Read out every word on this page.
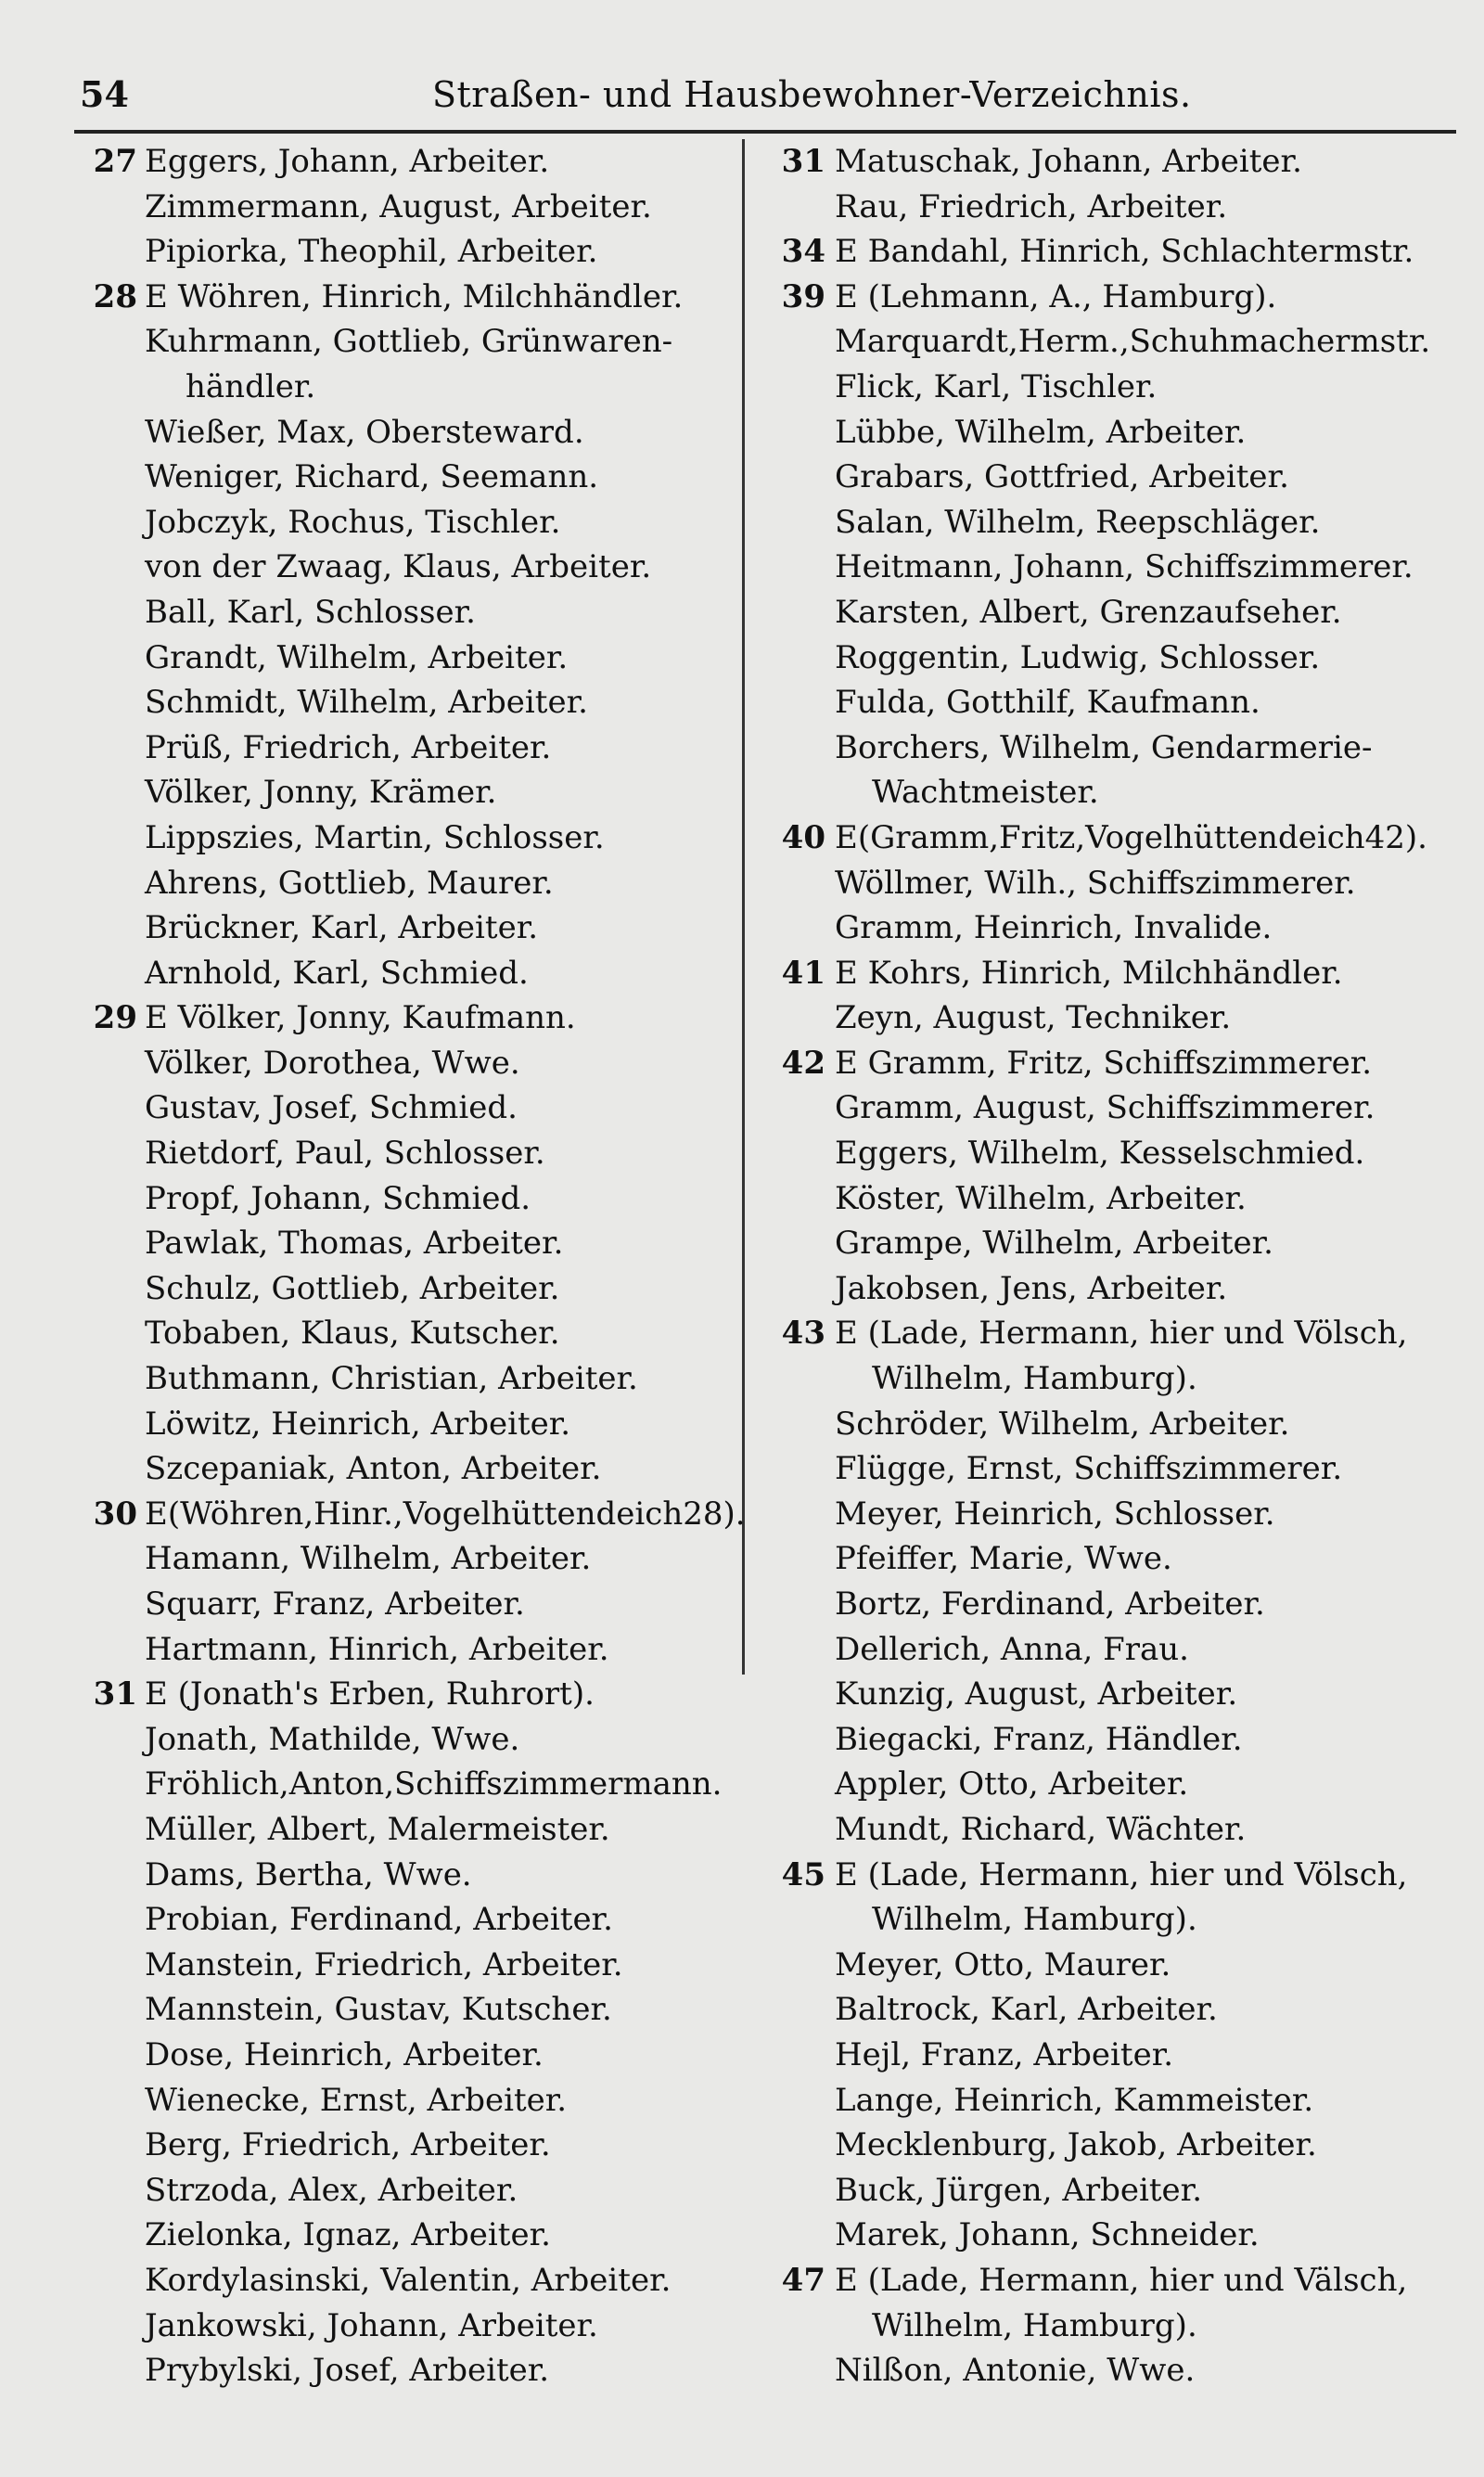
54	Straßen- und Hausbewohner-Verzeichnis.
27 Eggers, Johann, Arbeiter.
Zimmermann, August, Arbeiter.
Pipiorka, Theophil, Arbeiter.
28 E Wöhren, Hinrich, Milchhändler.
Kuhrmann, Gottlieb, Grünwaren-
händler.
Wießer, Max, Obersteward.
Weniger, Richard, Seemann.
Jobczyk, Rochus, Tischler.
von der Zwaag, Klaus, Arbeiter.
Ball, Karl, Schlosser.
Grandt, Wilhelm, Arbeiter.
Schmidt, Wilhelm, Arbeiter.
Prüß, Friedrich, Arbeiter.
Völker, Jonny, Krämer.
Lippszies, Martin, Schlosser.
Ahrens, Gottlieb, Maurer.
Brückner, Karl, Arbeiter.
Arnhold, Karl, Schmied.
29 E Völker, Jonny, Kaufmann.
Völker, Dorothea, Wwe.
Gustav, Josef, Schmied.
Rietdorf, Paul, Schlosser.
Propf, Johann, Schmied.
Pawlak, Thomas, Arbeiter.
Schulz, Gottlieb, Arbeiter.
Tobaben, Klaus, Kutscher.
Buthmann, Christian, Arbeiter.
Löwitz, Heinrich, Arbeiter.
Szcepaniak, Anton, Arbeiter.
30 E(Wöhren,Hinr.,Vogelhüttendeich28).
Hamann, Wilhelm, Arbeiter.
Squarr, Franz, Arbeiter.
Hartmann, Hinrich, Arbeiter.
31 E (Jonath's Erben, Ruhrort).
Jonath, Mathilde, Wwe.
Fröhlich,Anton,Schiffszimmermann.
Müller, Albert, Malermeister.
Dams, Bertha, Wwe.
Probian, Ferdinand, Arbeiter.
Manstein, Friedrich, Arbeiter.
Mannstein, Gustav, Kutscher.
Dose, Heinrich, Arbeiter.
Wienecke, Ernst, Arbeiter.
Berg, Friedrich, Arbeiter.
Strzoda, Alex, Arbeiter.
Zielonka, Ignaz, Arbeiter.
Kordylasinski, Valentin, Arbeiter.
Jankowski, Johann, Arbeiter.
Prybylski, Josef, Arbeiter.
31 Matuschak, Johann, Arbeiter.
Rau, Friedrich, Arbeiter.
34 E Bandahl, Hinrich, Schlachtermstr.
39 E (Lehmann, A., Hamburg).
Marquardt,Herm.,Schuhmachermstr.
Flick, Karl, Tischler.
Lübbe, Wilhelm, Arbeiter.
Grabars, Gottfried, Arbeiter.
Salan, Wilhelm, Reepschläger.
Heitmann, Johann, Schiffszimmerer.
Karsten, Albert, Grenzaufseher.
Roggentin, Ludwig, Schlosser.
Fulda, Gotthilf, Kaufmann.
Borchers, Wilhelm, Gendarmerie-
Wachtmeister.
40 E(Gramm,Fritz,Vogelhüttendeich42).
Wöllmer, Wilh., Schiffszimmerer.
Gramm, Heinrich, Invalide.
41 E Kohrs, Hinrich, Milchhändler.
Zeyn, August, Techniker.
42 E Gramm, Fritz, Schiffszimmerer.
Gramm, August, Schiffszimmerer.
Eggers, Wilhelm, Kesselschmied.
Köster, Wilhelm, Arbeiter.
Grampe, Wilhelm, Arbeiter.
Jakobsen, Jens, Arbeiter.
43 E (Lade, Hermann, hier und Völsch,
Wilhelm, Hamburg).
Schröder, Wilhelm, Arbeiter.
Flügge, Ernst, Schiffszimmerer.
Meyer, Heinrich, Schlosser.
Pfeiffer, Marie, Wwe.
Bortz, Ferdinand, Arbeiter.
Dellerich, Anna, Frau.
Kunzig, August, Arbeiter.
Biegacki, Franz, Händler.
Appler, Otto, Arbeiter.
Mundt, Richard, Wächter.
45 E (Lade, Hermann, hier und Völsch,
Wilhelm, Hamburg).
Meyer, Otto, Maurer.
Baltrock, Karl, Arbeiter.
Hejl, Franz, Arbeiter.
Lange, Heinrich, Kammeister.
Mecklenburg, Jakob, Arbeiter.
Buck, Jürgen, Arbeiter.
Marek, Johann, Schneider.
47 E (Lade, Hermann, hier und Välsch,
Wilhelm, Hamburg).
Nilßon, Antonie, Wwe.
